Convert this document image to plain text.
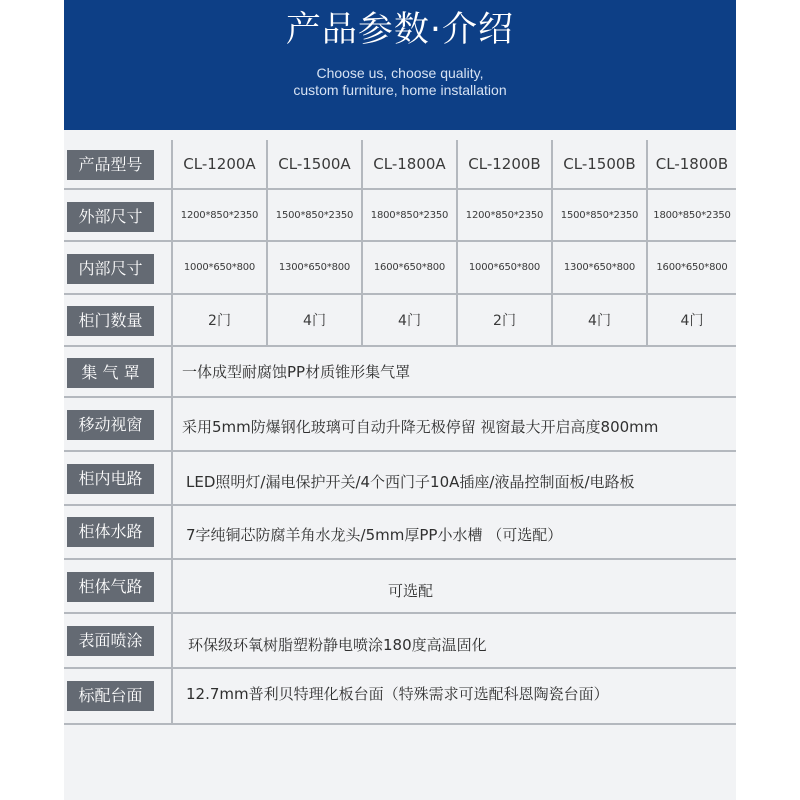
产品参数·介绍
Choose us, choose quality,
custom furniture, home installation
产品型号	CL-1200A	CL-1500A	CL-1800A	CL-1200B	CL-1500B	CL-1800B
外部尺寸	1200*850*2350	1500*850*2350	1800*850*2350	1200*850*2350	1500*850*2350	1800*850*2350
内部尺寸	1000*650*800	1300*650*800	1600*650*800	1000*650*800	1300*650*800	1600*650*800
柜门数量	2门	4门	4门	2门	4门	4门
集 气 罩	一体成型耐腐蚀PP材质锥形集气罩
移动视窗	采用5mm防爆钢化玻璃可自动升降无极停留 视窗最大开启高度800mm
柜内电路	LED照明灯/漏电保护开关/4个西门子10A插座/液晶控制面板/电路板
柜体水路	7字纯铜芯防腐羊角水龙头/5mm厚PP小水槽 （可选配）
柜体气路	可选配
表面喷涂	环保级环氧树脂塑粉静电喷涂180度高温固化
标配台面	12.7mm普利贝特理化板台面（特殊需求可选配科恩陶瓷台面）
